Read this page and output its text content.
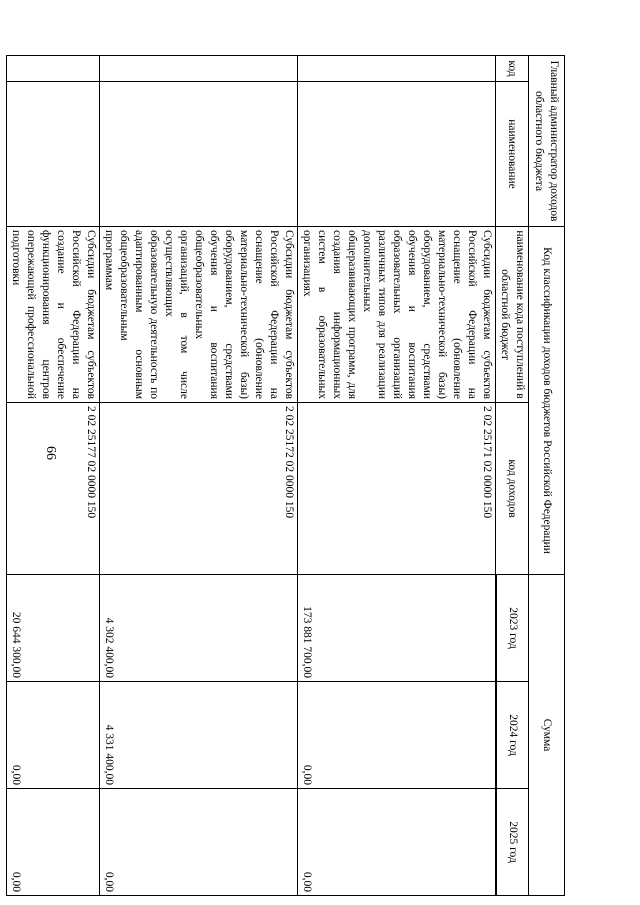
66
Главный администратор доходов областного бюджета		Код классификации доходов бюджетов Российской Федерации		Сумма		
код	наименование	наименование кода поступлений в областной бюджет	код доходов	2023 год	2024 год	2025 год

		Субсидии бюджетам субъектов Российской Федерации на оснащение (обновление материально-технической базы) оборудованием, средствами обучения и воспитания образовательных организаций различных типов для реализации дополнительных общеразвивающих программ, для создания информационных систем в образовательных организациях	2 02 25171 02 0000 150	173 881 700,00	0,00	0,00
		Субсидии бюджетам субъектов Российской Федерации на оснащение (обновление материально-технической базы) оборудованием, средствами обучения и воспитания общеобразовательных организаций, в том числе осуществляющих образовательную деятельность по адаптированным основным общеобразовательным программам	2 02 25172 02 0000 150	4 302 400,00	4 331 400,00	0,00
		Субсидии бюджетам субъектов Российской Федерации на создание и обеспечение функционирования центров опережающей профессиональной подготовки	2 02 25177 02 0000 150	20 644 300,00	0,00	0,00
